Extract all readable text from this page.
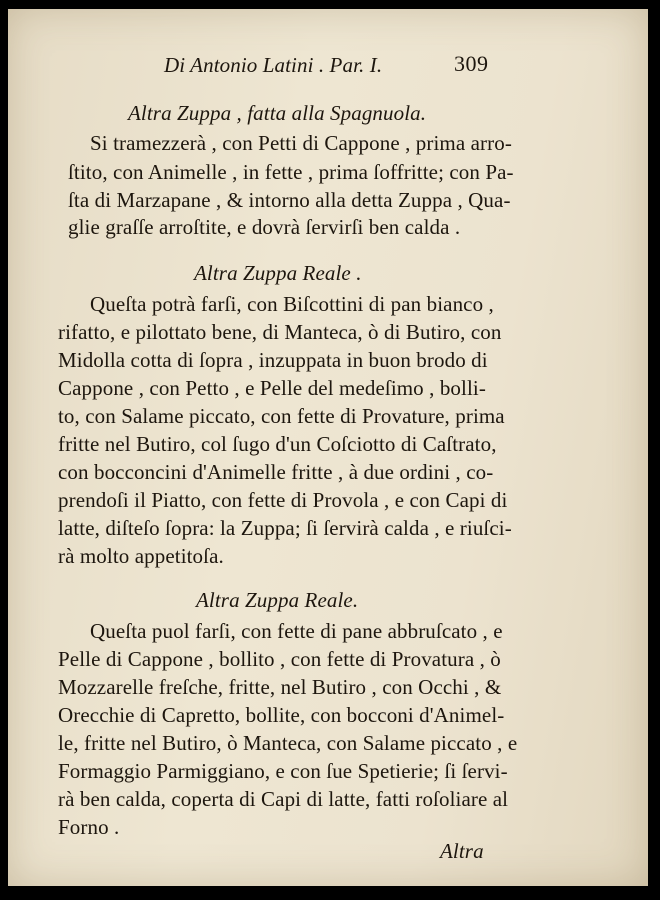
Di Antonio Latini . Par. I.	309

Altra Zuppa , fatta alla Spagnuola.

Si tramezzerà , con Petti di Cappone , prima arro-

ſtito, con Animelle , in fette , prima ſoffritte; con Pa-

ſta di Marzapane , & intorno alla detta Zuppa , Qua-

glie graſſe arroſtite, e dovrà ſervirſi ben calda .

Altra Zuppa Reale .

Queſta potrà farſi, con Biſcottini di pan bianco ,

rifatto, e pilottato bene, di Manteca, ò di Butiro, con

Midolla cotta di ſopra , inzuppata in buon brodo di

Cappone , con Petto , e Pelle del medeſimo , bolli-

to, con Salame piccato, con fette di Provature, prima

fritte nel Butiro, col ſugo d'un Coſciotto di Caſtrato,

con bocconcini d'Animelle fritte , à due ordini , co-

prendoſi il Piatto, con fette di Provola , e con Capi di

latte, diſteſo ſopra: la Zuppa; ſi ſervirà calda , e riuſci-

rà molto appetitoſa.

Altra Zuppa Reale.

Queſta puol farſi, con fette di pane abbruſcato , e

Pelle di Cappone , bollito , con fette di Provatura , ò

Mozzarelle freſche, fritte, nel Butiro , con Occhi , &

Orecchie di Capretto, bollite, con bocconi d'Animel-

le, fritte nel Butiro, ò Manteca, con Salame piccato , e

Formaggio Parmiggiano, e con ſue Spetierie; ſi ſervi-

rà ben calda, coperta di Capi di latte, fatti roſoliare al

Forno .

Altra
